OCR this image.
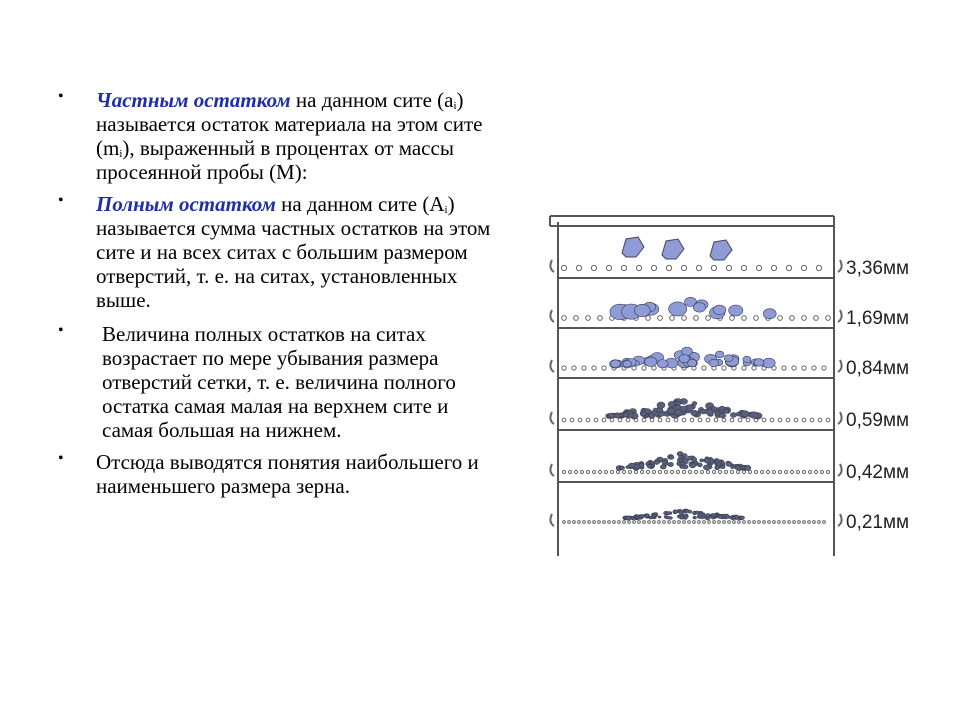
• Частным остатком на данном сите $(a_i)$ называется остаток материала на этом сите $(m_i)$, выраженный в процентах от массы просеянной пробы (M):
• Полным остатком на данном сите $(A_i)$ называется сумма частных остатков на этом сите и на всех ситах с большим размером отверстий, т. е. на ситах, установленных выше.
• Величина полных остатков на ситах возрастает по мере убывания размера отверстий сетки, т. е. величина полного остатка самая малая на верхнем сите и самая большая на нижнем.
• Отсюда выводятся понятия наибольшего и наименьшего размера зерна.
3,36мм
1,69мм
0,84мм
0,59мм
0,42мм
0,21мм
